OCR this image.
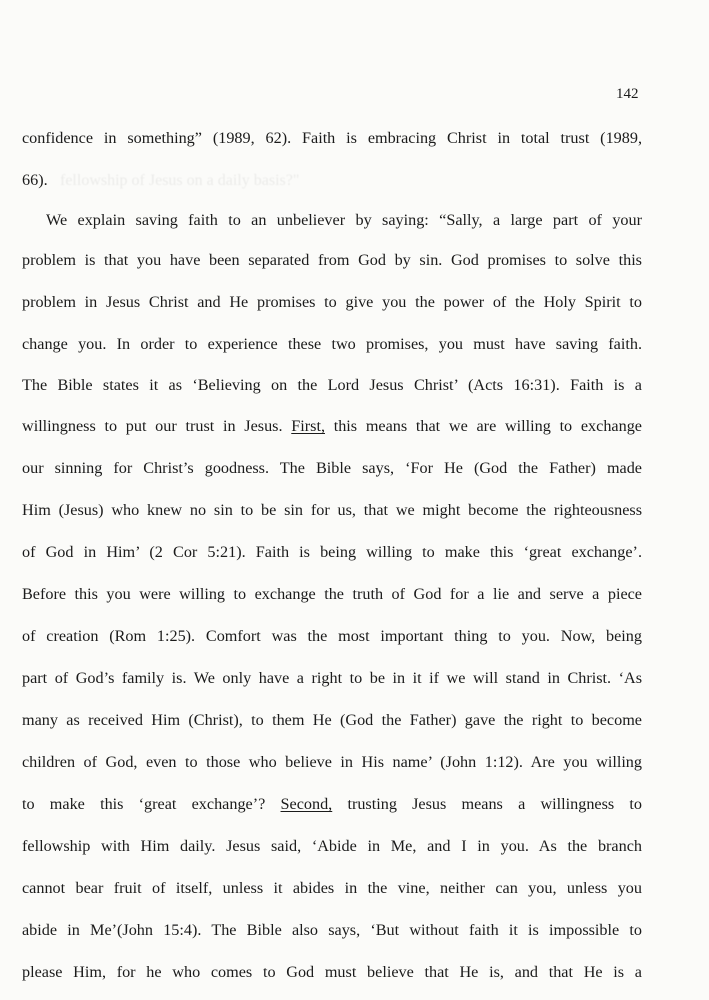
fellowship of Jesus on a daily basis?"
142
confidence in something” (1989, 62). Faith is embracing Christ in total trust (1989,
66).
We explain saving faith to an unbeliever by saying: “Sally, a large part of your
problem is that you have been separated from God by sin. God promises to solve this
problem in Jesus Christ and He promises to give you the power of the Holy Spirit to
change you. In order to experience these two promises, you must have saving faith.
The Bible states it as ‘Believing on the Lord Jesus Christ’ (Acts 16:31). Faith is a
willingness to put our trust in Jesus. First, this means that we are willing to exchange
our sinning for Christ’s goodness. The Bible says, ‘For He (God the Father) made
Him (Jesus) who knew no sin to be sin for us, that we might become the righteousness
of God in Him’ (2 Cor 5:21). Faith is being willing to make this ‘great exchange’.
Before this you were willing to exchange the truth of God for a lie and serve a piece
of creation (Rom 1:25). Comfort was the most important thing to you. Now, being
part of God’s family is. We only have a right to be in it if we will stand in Christ. ‘As
many as received Him (Christ), to them He (God the Father) gave the right to become
children of God, even to those who believe in His name’ (John 1:12). Are you willing
to make this ‘great exchange’? Second, trusting Jesus means a willingness to
fellowship with Him daily. Jesus said, ‘Abide in Me, and I in you. As the branch
cannot bear fruit of itself, unless it abides in the vine, neither can you, unless you
abide in Me’(John 15:4). The Bible also says, ‘But without faith it is impossible to
please Him, for he who comes to God must believe that He is, and that He is a
